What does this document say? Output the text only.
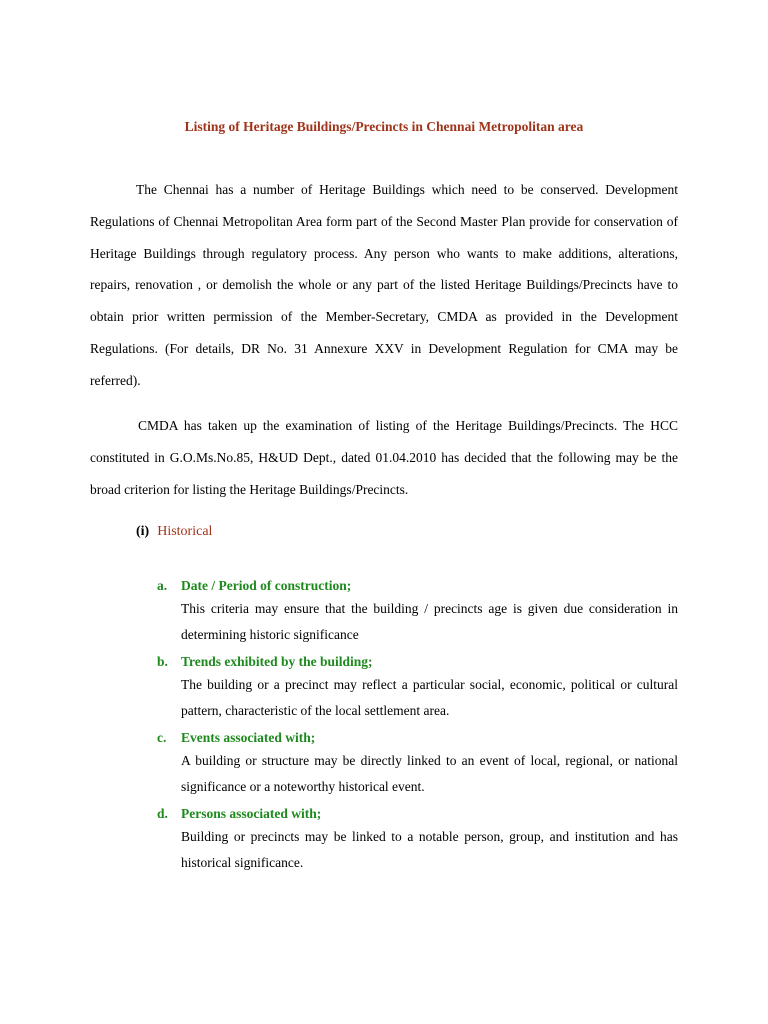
Listing of Heritage Buildings/Precincts in Chennai Metropolitan area

The Chennai has a number of Heritage Buildings which need to be conserved. Development Regulations of Chennai Metropolitan Area form part of the Second Master Plan provide for conservation of Heritage Buildings through regulatory process. Any person who wants to make additions, alterations, repairs, renovation , or demolish the whole or any part of the listed Heritage Buildings/Precincts have to obtain prior written permission of the Member-Secretary, CMDA as provided in the Development Regulations. (For details, DR No. 31 Annexure XXV in Development Regulation for CMA may be referred).

CMDA has taken up the examination of listing of the Heritage Buildings/Precincts. The HCC constituted in G.O.Ms.No.85, H&UD Dept., dated 01.04.2010 has decided that the following may be the broad criterion for listing the Heritage Buildings/Precincts.

(i) Historical
a. Date / Period of construction;
This criteria may ensure that the building / precincts age is given due consideration in determining historic significance
b. Trends exhibited by the building;
The building or a precinct may reflect a particular social, economic, political or cultural pattern, characteristic of the local settlement area.
c. Events associated with;
A building or structure may be directly linked to an event of local, regional, or national significance or a noteworthy historical event.
d. Persons associated with;
Building or precincts may be linked to a notable person, group, and institution and has historical significance.
